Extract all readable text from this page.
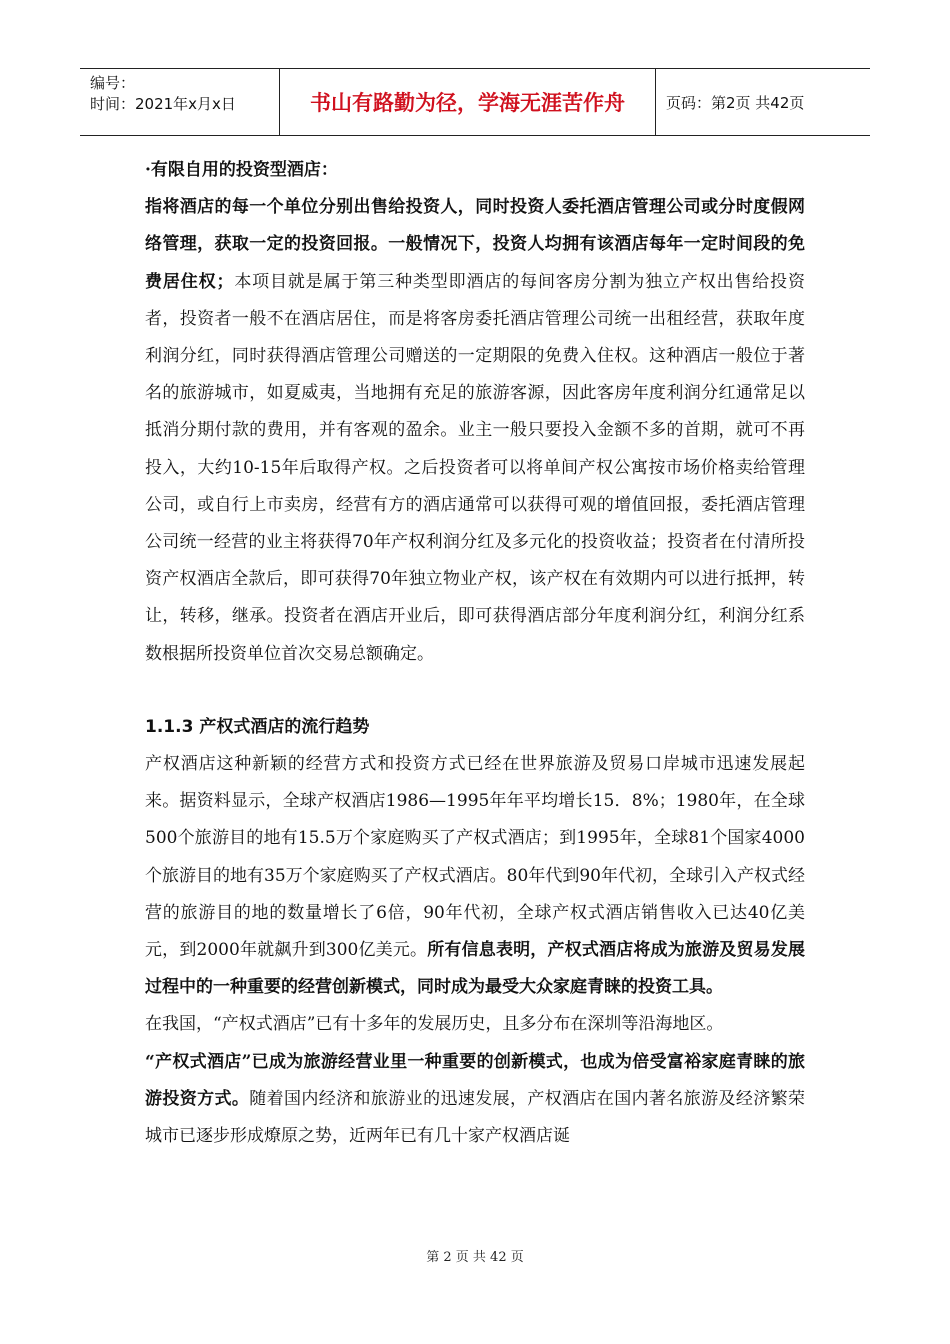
编号：
时间：2021年x月x日	书山有路勤为径，学海无涯苦作舟	页码：第2页 共42页

·有限自用的投资型酒店：

指将酒店的每一个单位分别出售给投资人，同时投资人委托酒店管理公司或分时度假网络管理，获取一定的投资回报。一般情况下，投资人均拥有该酒店每年一定时间段的免费居住权；本项目就是属于第三种类型即酒店的每间客房分割为独立产权出售给投资者，投资者一般不在酒店居住，而是将客房委托酒店管理公司统一出租经营，获取年度利润分红，同时获得酒店管理公司赠送的一定期限的免费入住权。这种酒店一般位于著名的旅游城市，如夏威夷，当地拥有充足的旅游客源，因此客房年度利润分红通常足以抵消分期付款的费用，并有客观的盈余。业主一般只要投入金额不多的首期，就可不再投入，大约10-15年后取得产权。之后投资者可以将单间产权公寓按市场价格卖给管理公司，或自行上市卖房，经营有方的酒店通常可以获得可观的增值回报，委托酒店管理公司统一经营的业主将获得70年产权利润分红及多元化的投资收益；投资者在付清所投资产权酒店全款后，即可获得70年独立物业产权，该产权在有效期内可以进行抵押，转让，转移，继承。投资者在酒店开业后，即可获得酒店部分年度利润分红，利润分红系数根据所投资单位首次交易总额确定。

1.1.3 产权式酒店的流行趋势

产权酒店这种新颖的经营方式和投资方式已经在世界旅游及贸易口岸城市迅速发展起来。据资料显示，全球产权酒店1986—1995年年平均增长15．8%；1980年，在全球500个旅游目的地有15.5万个家庭购买了产权式酒店；到1995年，全球81个国家4000个旅游目的地有35万个家庭购买了产权式酒店。80年代到90年代初，全球引入产权式经营的旅游目的地的数量增长了6倍，90年代初，全球产权式酒店销售收入已达40亿美元，到2000年就飙升到300亿美元。所有信息表明，产权式酒店将成为旅游及贸易发展过程中的一种重要的经营创新模式，同时成为最受大众家庭青睐的投资工具。

在我国，“产权式酒店”已有十多年的发展历史，且多分布在深圳等沿海地区。

“产权式酒店”已成为旅游经营业里一种重要的创新模式，也成为倍受富裕家庭青睐的旅游投资方式。随着国内经济和旅游业的迅速发展，产权酒店在国内著名旅游及经济繁荣城市已逐步形成燎原之势，近两年已有几十家产权酒店诞

第 2 页 共 42 页
